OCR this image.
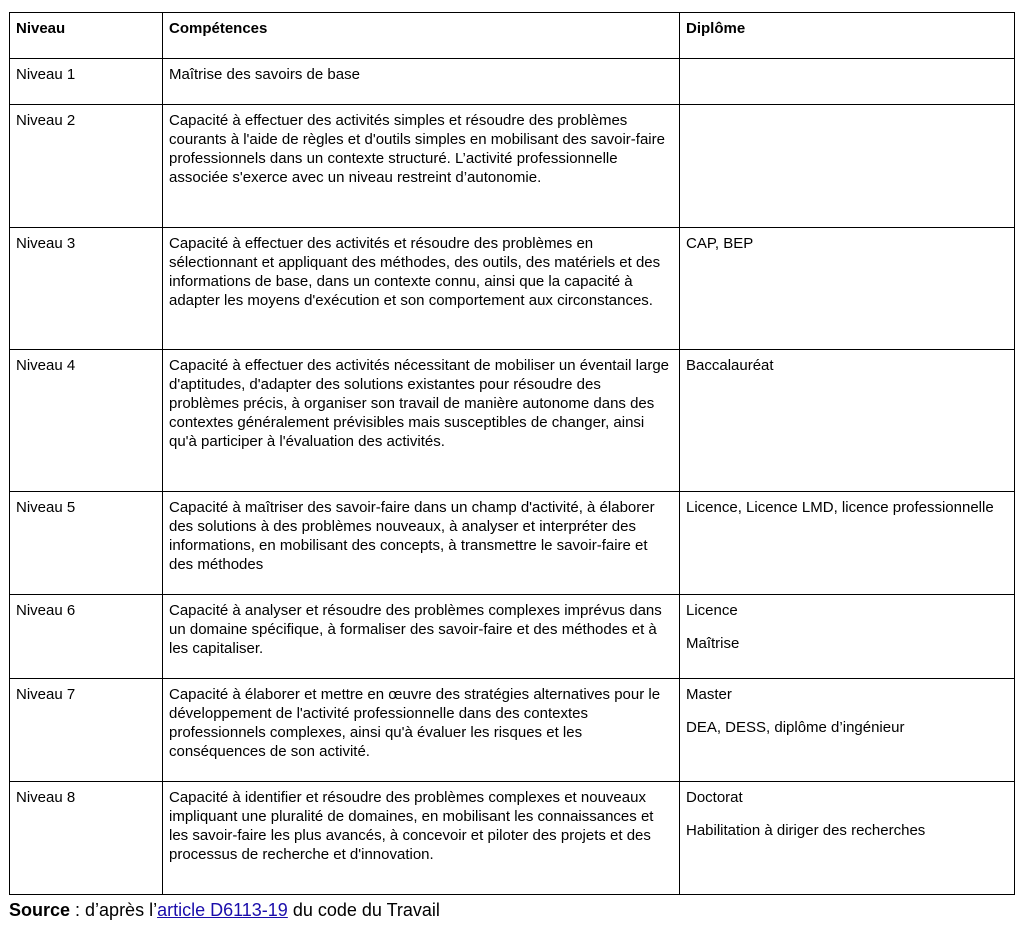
Niveau	Compétences	Diplôme
Niveau 1	Maîtrise des savoirs de base	
Niveau 2	Capacité à effectuer des activités simples et résoudre des problèmes courants à l'aide de règles et d'outils simples en mobilisant des savoir-faire professionnels dans un contexte structuré. L’activité professionnelle associée s'exerce avec un niveau restreint d’autonomie.	
Niveau 3	Capacité à effectuer des activités et résoudre des problèmes en sélectionnant et appliquant des méthodes, des outils, des matériels et des informations de base, dans un contexte connu, ainsi que la capacité à adapter les moyens d'exécution et son comportement aux circonstances.	CAP, BEP

Niveau 4	Capacité à effectuer des activités nécessitant de mobiliser un éventail large d'aptitudes, d'adapter des solutions existantes pour résoudre des problèmes précis, à organiser son travail de manière autonome dans des contextes généralement prévisibles mais susceptibles de changer, ainsi qu'à participer à l'évaluation des activités.	Baccalauréat

Niveau 5	Capacité à maîtriser des savoir-faire dans un champ d'activité, à élaborer des solutions à des problèmes nouveaux, à analyser et interpréter des informations, en mobilisant des concepts, à transmettre le savoir-faire et des méthodes	Licence, Licence LMD, licence professionnelle

Niveau 6	Capacité à analyser et résoudre des problèmes complexes imprévus dans un domaine spécifique, à formaliser des savoir-faire et des méthodes et à les capitaliser.	Licence
Maîtrise

Niveau 7	Capacité à élaborer et mettre en œuvre des stratégies alternatives pour le développement de l'activité professionnelle dans des contextes professionnels complexes, ainsi qu'à évaluer les risques et les conséquences de son activité.	Master
DEA, DESS, diplôme d’ingénieur

Niveau 8	Capacité à identifier et résoudre des problèmes complexes et nouveaux impliquant une pluralité de domaines, en mobilisant les connaissances et les savoir-faire les plus avancés, à concevoir et piloter des projets et des processus de recherche et d'innovation.	Doctorat
Habilitation à diriger des recherches
Source : d’après l’article D6113-19 du code du Travail
